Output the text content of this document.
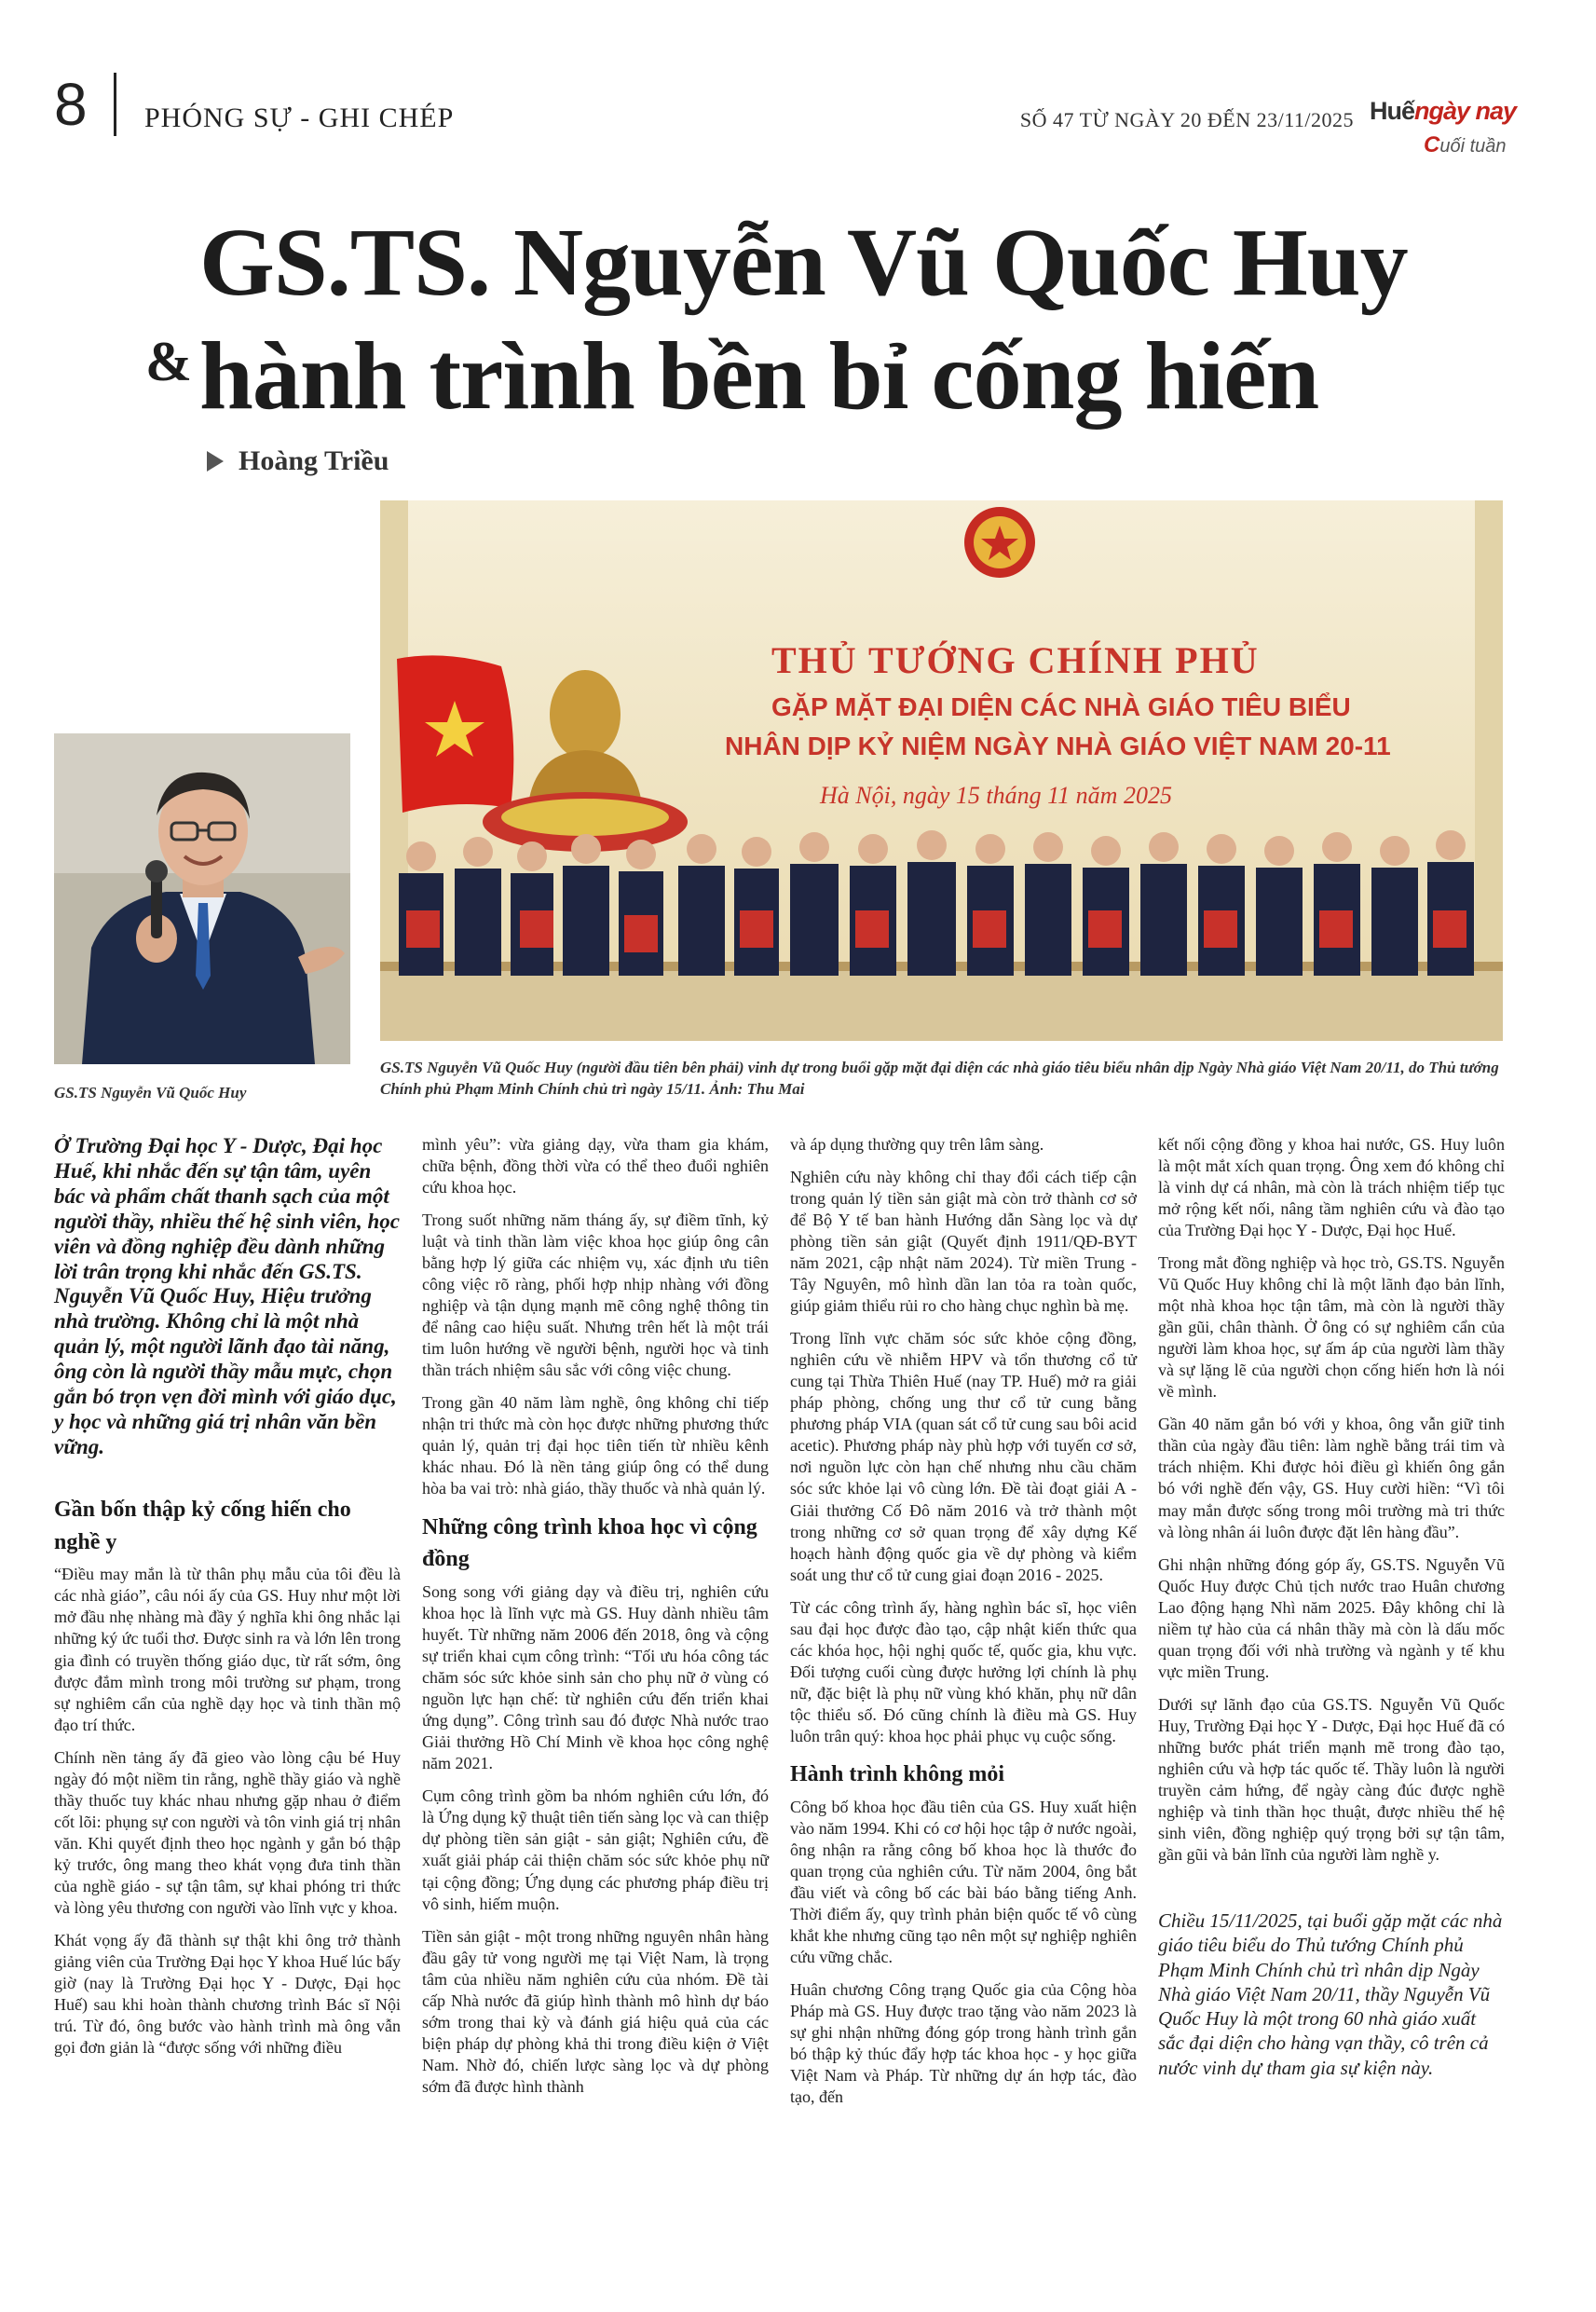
8 PHÓNG SỰ - GHI CHÉP	SỐ 47 TỪ NGÀY 20 ĐẾN 23/11/2025 Huếngày nay
Cuối tuần
GS.TS. Nguyễn Vũ Quốc Huy
& hành trình bền bỉ cống hiến
Hoàng Triều
GS.TS Nguyễn Vũ Quốc Huy
THỦ TƯỚNG CHÍNH PHỦ
GẶP MẶT ĐẠI DIỆN CÁC NHÀ GIÁO TIÊU BIỂU
NHÂN DỊP KỶ NIỆM NGÀY NHÀ GIÁO VIỆT NAM 20-11
Hà Nội, ngày 15 tháng 11 năm 2025
GS.TS Nguyễn Vũ Quốc Huy (người đầu tiên bên phải) vinh dự trong buổi gặp mặt đại diện các nhà giáo tiêu biểu nhân dịp Ngày Nhà giáo Việt Nam 20/11, do Thủ tướng Chính phủ Phạm Minh Chính chủ trì ngày 15/11. Ảnh: Thu Mai

Ở Trường Đại học Y - Dược, Đại học Huế, khi nhắc đến sự tận tâm, uyên bác và phẩm chất thanh sạch của một người thầy, nhiều thế hệ sinh viên, học viên và đồng nghiệp đều dành những lời trân trọng khi nhắc đến GS.TS. Nguyễn Vũ Quốc Huy, Hiệu trưởng nhà trường. Không chỉ là một nhà quản lý, một người lãnh đạo tài năng, ông còn là người thầy mẫu mực, chọn gắn bó trọn vẹn đời mình với giáo dục, y học và những giá trị nhân văn bền vững.

Gần bốn thập kỷ cống hiến cho nghề y

“Điều may mắn là từ thân phụ mẫu của tôi đều là các nhà giáo”, câu nói ấy của GS. Huy như một lời mở đầu nhẹ nhàng mà đầy ý nghĩa khi ông nhắc lại những ký ức tuổi thơ. Được sinh ra và lớn lên trong gia đình có truyền thống giáo dục, từ rất sớm, ông được đắm mình trong môi trường sư phạm, trong sự nghiêm cẩn của nghề dạy học và tinh thần mộ đạo trí thức.

Chính nền tảng ấy đã gieo vào lòng cậu bé Huy ngày đó một niềm tin rằng, nghề thầy giáo và nghề thầy thuốc tuy khác nhau nhưng gặp nhau ở điểm cốt lõi: phụng sự con người và tôn vinh giá trị nhân văn. Khi quyết định theo học ngành y gắn bó thập kỷ trước, ông mang theo khát vọng đưa tinh thần của nghề giáo - sự tận tâm, sự khai phóng tri thức và lòng yêu thương con người vào lĩnh vực y khoa.

Khát vọng ấy đã thành sự thật khi ông trở thành giảng viên của Trường Đại học Y khoa Huế lúc bấy giờ (nay là Trường Đại học Y - Dược, Đại học Huế) sau khi hoàn thành chương trình Bác sĩ Nội trú. Từ đó, ông bước vào hành trình mà ông vẫn gọi đơn giản là “được sống với những điều

mình yêu”: vừa giảng dạy, vừa tham gia khám, chữa bệnh, đồng thời vừa có thể theo đuổi nghiên cứu khoa học.

Trong suốt những năm tháng ấy, sự điềm tĩnh, kỷ luật và tinh thần làm việc khoa học giúp ông cân bằng hợp lý giữa các nhiệm vụ, xác định ưu tiên công việc rõ ràng, phối hợp nhịp nhàng với đồng nghiệp và tận dụng mạnh mẽ công nghệ thông tin để nâng cao hiệu suất. Nhưng trên hết là một trái tim luôn hướng về người bệnh, người học và tinh thần trách nhiệm sâu sắc với công việc chung.

Trong gần 40 năm làm nghề, ông không chỉ tiếp nhận tri thức mà còn học được những phương thức quản lý, quản trị đại học tiên tiến từ nhiều kênh khác nhau. Đó là nền tảng giúp ông có thể dung hòa ba vai trò: nhà giáo, thầy thuốc và nhà quản lý.

Những công trình khoa học vì cộng đồng

Song song với giảng dạy và điều trị, nghiên cứu khoa học là lĩnh vực mà GS. Huy dành nhiều tâm huyết. Từ những năm 2006 đến 2018, ông và cộng sự triển khai cụm công trình: “Tối ưu hóa công tác chăm sóc sức khỏe sinh sản cho phụ nữ ở vùng có nguồn lực hạn chế: từ nghiên cứu đến triển khai ứng dụng”. Công trình sau đó được Nhà nước trao Giải thưởng Hồ Chí Minh về khoa học công nghệ năm 2021.

Cụm công trình gồm ba nhóm nghiên cứu lớn, đó là Ứng dụng kỹ thuật tiên tiến sàng lọc và can thiệp dự phòng tiền sản giật - sản giật; Nghiên cứu, đề xuất giải pháp cải thiện chăm sóc sức khỏe phụ nữ tại cộng đồng; Ứng dụng các phương pháp điều trị vô sinh, hiếm muộn.

Tiền sản giật - một trong những nguyên nhân hàng đầu gây tử vong người mẹ tại Việt Nam, là trọng tâm của nhiều năm nghiên cứu của nhóm. Đề tài cấp Nhà nước đã giúp hình thành mô hình dự báo sớm trong thai kỳ và đánh giá hiệu quả của các biện pháp dự phòng khả thi trong điều kiện ở Việt Nam. Nhờ đó, chiến lược sàng lọc và dự phòng sớm đã được hình thành

và áp dụng thường quy trên lâm sàng.

Nghiên cứu này không chỉ thay đổi cách tiếp cận trong quản lý tiền sản giật mà còn trở thành cơ sở để Bộ Y tế ban hành Hướng dẫn Sàng lọc và dự phòng tiền sản giật (Quyết định 1911/QĐ-BYT năm 2021, cập nhật năm 2024). Từ miền Trung - Tây Nguyên, mô hình dần lan tỏa ra toàn quốc, giúp giảm thiểu rủi ro cho hàng chục nghìn bà mẹ.

Trong lĩnh vực chăm sóc sức khỏe cộng đồng, nghiên cứu về nhiễm HPV và tổn thương cổ tử cung tại Thừa Thiên Huế (nay TP. Huế) mở ra giải pháp phòng, chống ung thư cổ tử cung bằng phương pháp VIA (quan sát cổ tử cung sau bôi acid acetic). Phương pháp này phù hợp với tuyến cơ sở, nơi nguồn lực còn hạn chế nhưng nhu cầu chăm sóc sức khỏe lại vô cùng lớn. Đề tài đoạt giải A - Giải thưởng Cố Đô năm 2016 và trở thành một trong những cơ sở quan trọng để xây dựng Kế hoạch hành động quốc gia về dự phòng và kiểm soát ung thư cổ tử cung giai đoạn 2016 - 2025.

Từ các công trình ấy, hàng nghìn bác sĩ, học viên sau đại học được đào tạo, cập nhật kiến thức qua các khóa học, hội nghị quốc tế, quốc gia, khu vực. Đối tượng cuối cùng được hưởng lợi chính là phụ nữ, đặc biệt là phụ nữ vùng khó khăn, phụ nữ dân tộc thiểu số. Đó cũng chính là điều mà GS. Huy luôn trân quý: khoa học phải phục vụ cuộc sống.

Hành trình không mỏi

Công bố khoa học đầu tiên của GS. Huy xuất hiện vào năm 1994. Khi có cơ hội học tập ở nước ngoài, ông nhận ra rằng công bố khoa học là thước đo quan trọng của nghiên cứu. Từ năm 2004, ông bắt đầu viết và công bố các bài báo bằng tiếng Anh. Thời điểm ấy, quy trình phản biện quốc tế vô cùng khắt khe nhưng cũng tạo nên một sự nghiệp nghiên cứu vững chắc.

Huân chương Công trạng Quốc gia của Cộng hòa Pháp mà GS. Huy được trao tặng vào năm 2023 là sự ghi nhận những đóng góp trong hành trình gắn bó thập kỷ thúc đẩy hợp tác khoa học - y học giữa Việt Nam và Pháp. Từ những dự án hợp tác, đào tạo, đến

kết nối cộng đồng y khoa hai nước, GS. Huy luôn là một mắt xích quan trọng. Ông xem đó không chỉ là vinh dự cá nhân, mà còn là trách nhiệm tiếp tục mở rộng kết nối, nâng tầm nghiên cứu và đào tạo của Trường Đại học Y - Dược, Đại học Huế.

Trong mắt đồng nghiệp và học trò, GS.TS. Nguyễn Vũ Quốc Huy không chỉ là một lãnh đạo bản lĩnh, một nhà khoa học tận tâm, mà còn là người thầy gần gũi, chân thành. Ở ông có sự nghiêm cẩn của người làm khoa học, sự ấm áp của người làm thầy và sự lặng lẽ của người chọn cống hiến hơn là nói về mình.

Gần 40 năm gắn bó với y khoa, ông vẫn giữ tinh thần của ngày đầu tiên: làm nghề bằng trái tim và trách nhiệm. Khi được hỏi điều gì khiến ông gắn bó với nghề đến vậy, GS. Huy cười hiền: “Vì tôi may mắn được sống trong môi trường mà tri thức và lòng nhân ái luôn được đặt lên hàng đầu”.

Ghi nhận những đóng góp ấy, GS.TS. Nguyễn Vũ Quốc Huy được Chủ tịch nước trao Huân chương Lao động hạng Nhì năm 2025. Đây không chỉ là niềm tự hào của cá nhân thầy mà còn là dấu mốc quan trọng đối với nhà trường và ngành y tế khu vực miền Trung.

Dưới sự lãnh đạo của GS.TS. Nguyễn Vũ Quốc Huy, Trường Đại học Y - Dược, Đại học Huế đã có những bước phát triển mạnh mẽ trong đào tạo, nghiên cứu và hợp tác quốc tế. Thầy luôn là người truyền cảm hứng, để ngày càng đúc được nghề nghiệp và tinh thần học thuật, được nhiều thế hệ sinh viên, đồng nghiệp quý trọng bởi sự tận tâm, gần gũi và bản lĩnh của người làm nghề y.

Chiều 15/11/2025, tại buổi gặp mặt các nhà giáo tiêu biểu do Thủ tướng Chính phủ Phạm Minh Chính chủ trì nhân dịp Ngày Nhà giáo Việt Nam 20/11, thầy Nguyễn Vũ Quốc Huy là một trong 60 nhà giáo xuất sắc đại diện cho hàng vạn thầy, cô trên cả nước vinh dự tham gia sự kiện này.
